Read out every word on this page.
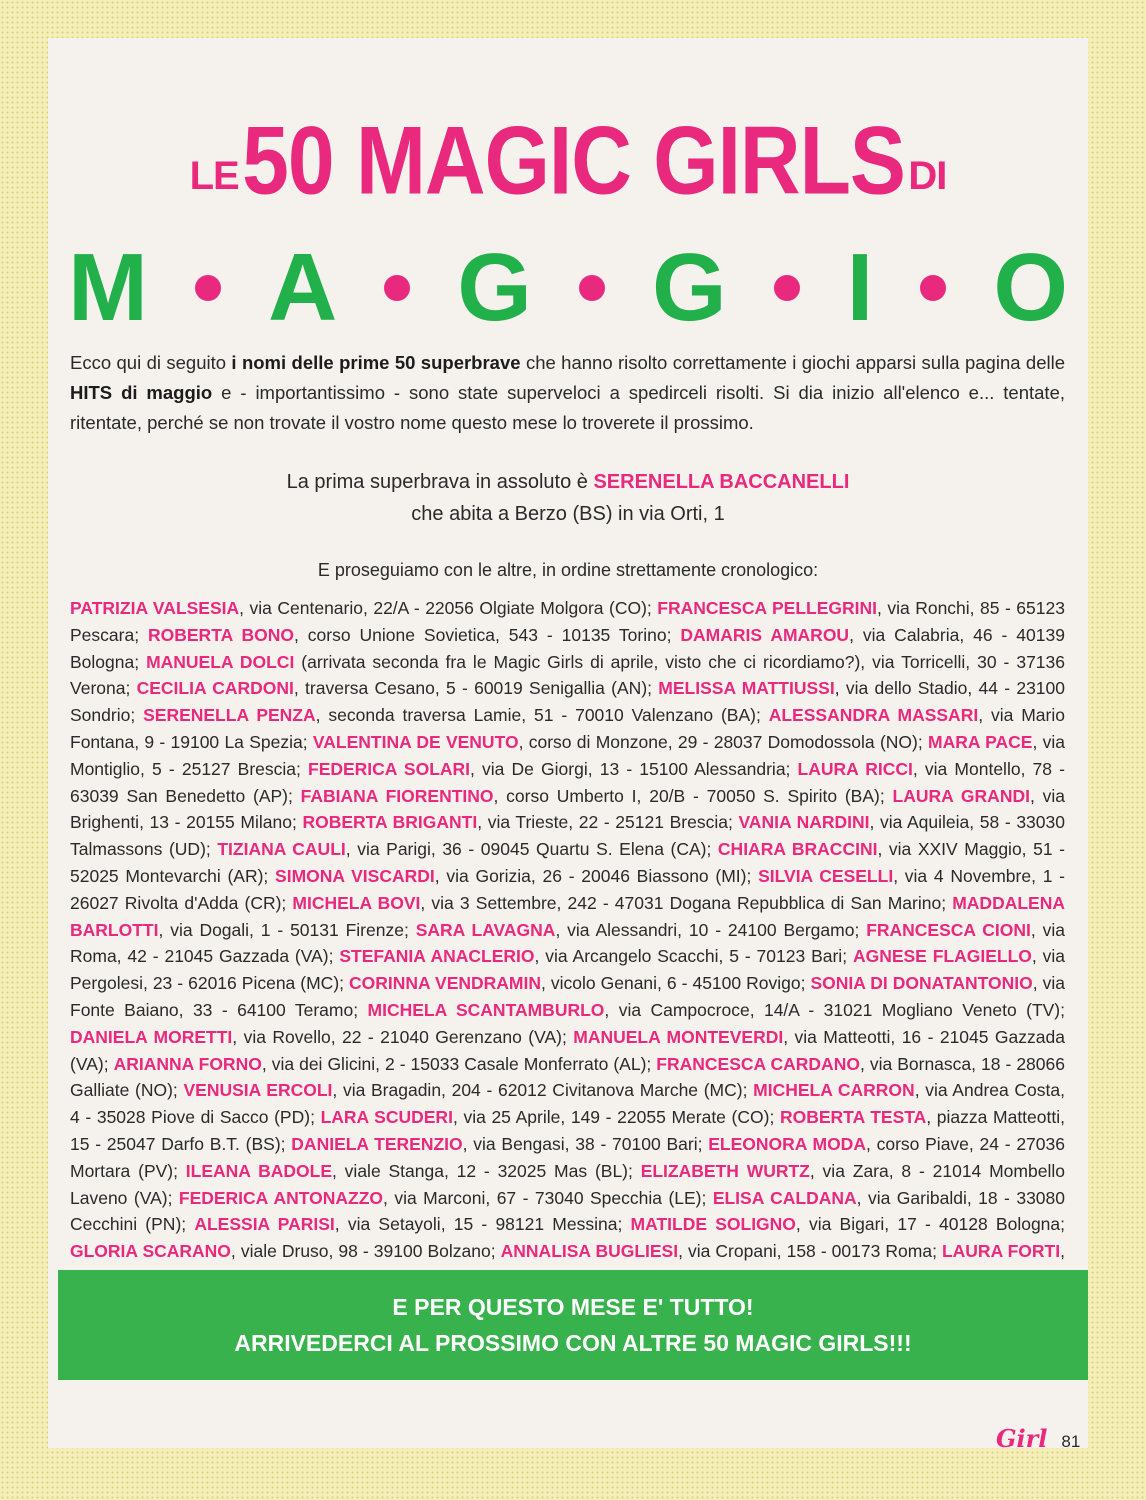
LE 50 MAGIC GIRLS DI
M A G G I O

Ecco qui di seguito i nomi delle prime 50 superbrave che hanno risolto correttamente i giochi apparsi sulla pagina delle HITS di maggio e - importantissimo - sono state superveloci a spedirceli risolti. Si dia inizio all'elenco e... tentate, ritentate, perché se non trovate il vostro nome questo mese lo troverete il prossimo.

La prima superbrava in assoluto è SERENELLA BACCANELLI
che abita a Berzo (BS) in via Orti, 1
E proseguiamo con le altre, in ordine strettamente cronologico:

PATRIZIA VALSESIA, via Centenario, 22/A - 22056 Olgiate Molgora (CO); FRANCESCA PELLEGRINI, via Ronchi, 85 - 65123 Pescara; ROBERTA BONO, corso Unione Sovietica, 543 - 10135 Torino; DAMARIS AMAROU, via Calabria, 46 - 40139 Bologna; MANUELA DOLCI (arrivata seconda fra le Magic Girls di aprile, visto che ci ricordiamo?), via Torricelli, 30 - 37136 Verona; CECILIA CARDONI, traversa Cesano, 5 - 60019 Senigallia (AN); MELISSA MATTIUSSI, via dello Stadio, 44 - 23100 Sondrio; SERENELLA PENZA, seconda traversa Lamie, 51 - 70010 Valenzano (BA); ALESSANDRA MASSARI, via Mario Fontana, 9 - 19100 La Spezia; VALENTINA DE VENUTO, corso di Monzone, 29 - 28037 Domodossola (NO); MARA PACE, via Montiglio, 5 - 25127 Brescia; FEDERICA SOLARI, via De Giorgi, 13 - 15100 Alessandria; LAURA RICCI, via Montello, 78 - 63039 San Benedetto (AP); FABIANA FIORENTINO, corso Umberto I, 20/B - 70050 S. Spirito (BA); LAURA GRANDI, via Brighenti, 13 - 20155 Milano; ROBERTA BRIGANTI, via Trieste, 22 - 25121 Brescia; VANIA NARDINI, via Aquileia, 58 - 33030 Talmassons (UD); TIZIANA CAULI, via Parigi, 36 - 09045 Quartu S. Elena (CA); CHIARA BRACCINI, via XXIV Maggio, 51 - 52025 Montevarchi (AR); SIMONA VISCARDI, via Gorizia, 26 - 20046 Biassono (MI); SILVIA CESELLI, via 4 Novembre, 1 - 26027 Rivolta d'Adda (CR); MICHELA BOVI, via 3 Settembre, 242 - 47031 Dogana Repubblica di San Marino; MADDALENA BARLOTTI, via Dogali, 1 - 50131 Firenze; SARA LAVAGNA, via Alessandri, 10 - 24100 Bergamo; FRANCESCA CIONI, via Roma, 42 - 21045 Gazzada (VA); STEFANIA ANACLERIO, via Arcangelo Scacchi, 5 - 70123 Bari; AGNESE FLAGIELLO, via Pergolesi, 23 - 62016 Picena (MC); CORINNA VENDRAMIN, vicolo Genani, 6 - 45100 Rovigo; SONIA DI DONATANTONIO, via Fonte Baiano, 33 - 64100 Teramo; MICHELA SCANTAMBURLO, via Campocroce, 14/A - 31021 Mogliano Veneto (TV); DANIELA MORETTI, via Rovello, 22 - 21040 Gerenzano (VA); MANUELA MONTEVERDI, via Matteotti, 16 - 21045 Gazzada (VA); ARIANNA FORNO, via dei Glicini, 2 - 15033 Casale Monferrato (AL); FRANCESCA CARDANO, via Bornasca, 18 - 28066 Galliate (NO); VENUSIA ERCOLI, via Bragadin, 204 - 62012 Civitanova Marche (MC); MICHELA CARRON, via Andrea Costa, 4 - 35028 Piove di Sacco (PD); LARA SCUDERI, via 25 Aprile, 149 - 22055 Merate (CO); ROBERTA TESTA, piazza Matteotti, 15 - 25047 Darfo B.T. (BS); DANIELA TERENZIO, via Bengasi, 38 - 70100 Bari; ELEONORA MODA, corso Piave, 24 - 27036 Mortara (PV); ILEANA BADOLE, viale Stanga, 12 - 32025 Mas (BL); ELIZABETH WURTZ, via Zara, 8 - 21014 Mombello Laveno (VA); FEDERICA ANTONAZZO, via Marconi, 67 - 73040 Specchia (LE); ELISA CALDANA, via Garibaldi, 18 - 33080 Cecchini (PN); ALESSIA PARISI, via Setayoli, 15 - 98121 Messina; MATILDE SOLIGNO, via Bigari, 17 - 40128 Bologna; GLORIA SCARANO, viale Druso, 98 - 39100 Bolzano; ANNALISA BUGLIESI, via Cropani, 158 - 00173 Roma; LAURA FORTI,

E PER QUESTO MESE E' TUTTO!
ARRIVEDERCI AL PROSSIMO CON ALTRE 50 MAGIC GIRLS!!!
Girl 81
